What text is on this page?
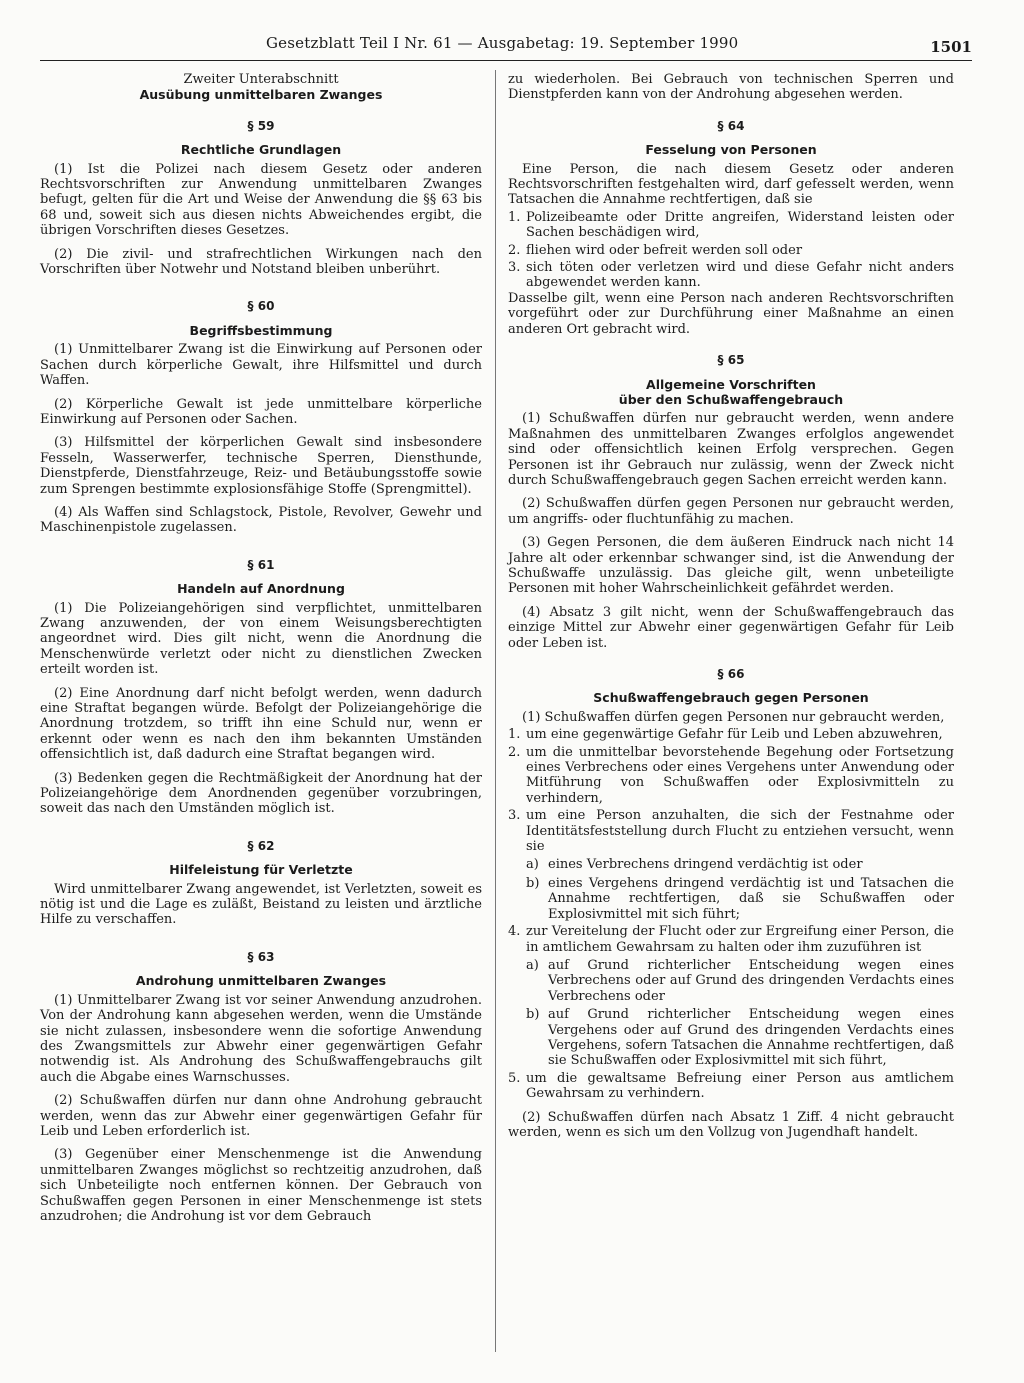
Gesetzblatt Teil I Nr. 61 — Ausgabetag: 19. September 1990	1501

Zweiter Unterabschnitt

Ausübung unmittelbaren Zwanges

§ 59

Rechtliche Grundlagen

(1) Ist die Polizei nach diesem Gesetz oder anderen Rechtsvorschriften zur Anwendung unmittelbaren Zwanges befugt, gelten für die Art und Weise der Anwendung die §§ 63 bis 68 und, soweit sich aus diesen nichts Abweichendes ergibt, die übrigen Vorschriften dieses Gesetzes.

(2) Die zivil- und strafrechtlichen Wirkungen nach den Vorschriften über Notwehr und Notstand bleiben unberührt.

§ 60

Begriffsbestimmung

(1) Unmittelbarer Zwang ist die Einwirkung auf Personen oder Sachen durch körperliche Gewalt, ihre Hilfsmittel und durch Waffen.

(2) Körperliche Gewalt ist jede unmittelbare körperliche Einwirkung auf Personen oder Sachen.

(3) Hilfsmittel der körperlichen Gewalt sind insbesondere Fesseln, Wasserwerfer, technische Sperren, Diensthunde, Dienstpferde, Dienstfahrzeuge, Reiz- und Betäubungsstoffe sowie zum Sprengen bestimmte explosionsfähige Stoffe (Sprengmittel).

(4) Als Waffen sind Schlagstock, Pistole, Revolver, Gewehr und Maschinenpistole zugelassen.

§ 61

Handeln auf Anordnung

(1) Die Polizeiangehörigen sind verpflichtet, unmittelbaren Zwang anzuwenden, der von einem Weisungsberechtigten angeordnet wird. Dies gilt nicht, wenn die Anordnung die Menschenwürde verletzt oder nicht zu dienstlichen Zwecken erteilt worden ist.

(2) Eine Anordnung darf nicht befolgt werden, wenn dadurch eine Straftat begangen würde. Befolgt der Polizeiangehörige die Anordnung trotzdem, so trifft ihn eine Schuld nur, wenn er erkennt oder wenn es nach den ihm bekannten Umständen offensichtlich ist, daß dadurch eine Straftat begangen wird.

(3) Bedenken gegen die Rechtmäßigkeit der Anordnung hat der Polizeiangehörige dem Anordnenden gegenüber vorzubringen, soweit das nach den Umständen möglich ist.

§ 62

Hilfeleistung für Verletzte

Wird unmittelbarer Zwang angewendet, ist Verletzten, soweit es nötig ist und die Lage es zuläßt, Beistand zu leisten und ärztliche Hilfe zu verschaffen.

§ 63

Androhung unmittelbaren Zwanges

(1) Unmittelbarer Zwang ist vor seiner Anwendung anzudrohen. Von der Androhung kann abgesehen werden, wenn die Umstände sie nicht zulassen, insbesondere wenn die sofortige Anwendung des Zwangsmittels zur Abwehr einer gegenwärtigen Gefahr notwendig ist. Als Androhung des Schußwaffengebrauchs gilt auch die Abgabe eines Warnschusses.

(2) Schußwaffen dürfen nur dann ohne Androhung gebraucht werden, wenn das zur Abwehr einer gegenwärtigen Gefahr für Leib und Leben erforderlich ist.

(3) Gegenüber einer Menschenmenge ist die Anwendung unmittelbaren Zwanges möglichst so rechtzeitig anzudrohen, daß sich Unbeteiligte noch entfernen können. Der Gebrauch von Schußwaffen gegen Personen in einer Menschenmenge ist stets anzudrohen; die Androhung ist vor dem Gebrauch

zu wiederholen. Bei Gebrauch von technischen Sperren und Dienstpferden kann von der Androhung abgesehen werden.

§ 64

Fesselung von Personen

Eine Person, die nach diesem Gesetz oder anderen Rechtsvorschriften festgehalten wird, darf gefesselt werden, wenn Tatsachen die Annahme rechtfertigen, daß sie

1. Polizeibeamte oder Dritte angreifen, Widerstand leisten oder Sachen beschädigen wird,
2. fliehen wird oder befreit werden soll oder
3. sich töten oder verletzen wird und diese Gefahr nicht anders abgewendet werden kann.

Dasselbe gilt, wenn eine Person nach anderen Rechtsvorschriften vorgeführt oder zur Durchführung einer Maßnahme an einen anderen Ort gebracht wird.

§ 65

Allgemeine Vorschriften

über den Schußwaffengebrauch

(1) Schußwaffen dürfen nur gebraucht werden, wenn andere Maßnahmen des unmittelbaren Zwanges erfolglos angewendet sind oder offensichtlich keinen Erfolg versprechen. Gegen Personen ist ihr Gebrauch nur zulässig, wenn der Zweck nicht durch Schußwaffengebrauch gegen Sachen erreicht werden kann.

(2) Schußwaffen dürfen gegen Personen nur gebraucht werden, um angriffs- oder fluchtunfähig zu machen.

(3) Gegen Personen, die dem äußeren Eindruck nach nicht 14 Jahre alt oder erkennbar schwanger sind, ist die Anwendung der Schußwaffe unzulässig. Das gleiche gilt, wenn unbeteiligte Personen mit hoher Wahrscheinlichkeit gefährdet werden.

(4) Absatz 3 gilt nicht, wenn der Schußwaffengebrauch das einzige Mittel zur Abwehr einer gegenwärtigen Gefahr für Leib oder Leben ist.

§ 66

Schußwaffengebrauch gegen Personen

(1) Schußwaffen dürfen gegen Personen nur gebraucht werden,

1. um eine gegenwärtige Gefahr für Leib und Leben abzuwehren,
2. um die unmittelbar bevorstehende Begehung oder Fortsetzung eines Verbrechens oder eines Vergehens unter Anwendung oder Mitführung von Schußwaffen oder Explosivmitteln zu verhindern,
3. um eine Person anzuhalten, die sich der Festnahme oder Identitätsfeststellung durch Flucht zu entziehen versucht, wenn sie
a) eines Verbrechens dringend verdächtig ist oder
b) eines Vergehens dringend verdächtig ist und Tatsachen die Annahme rechtfertigen, daß sie Schußwaffen oder Explosivmittel mit sich führt;
4. zur Vereitelung der Flucht oder zur Ergreifung einer Person, die in amtlichem Gewahrsam zu halten oder ihm zuzuführen ist
a) auf Grund richterlicher Entscheidung wegen eines Verbrechens oder auf Grund des dringenden Verdachts eines Verbrechens oder
b) auf Grund richterlicher Entscheidung wegen eines Vergehens oder auf Grund des dringenden Verdachts eines Vergehens, sofern Tatsachen die Annahme rechtfertigen, daß sie Schußwaffen oder Explosivmittel mit sich führt,
5. um die gewaltsame Befreiung einer Person aus amtlichem Gewahrsam zu verhindern.

(2) Schußwaffen dürfen nach Absatz 1 Ziff. 4 nicht gebraucht werden, wenn es sich um den Vollzug von Jugendhaft handelt.
